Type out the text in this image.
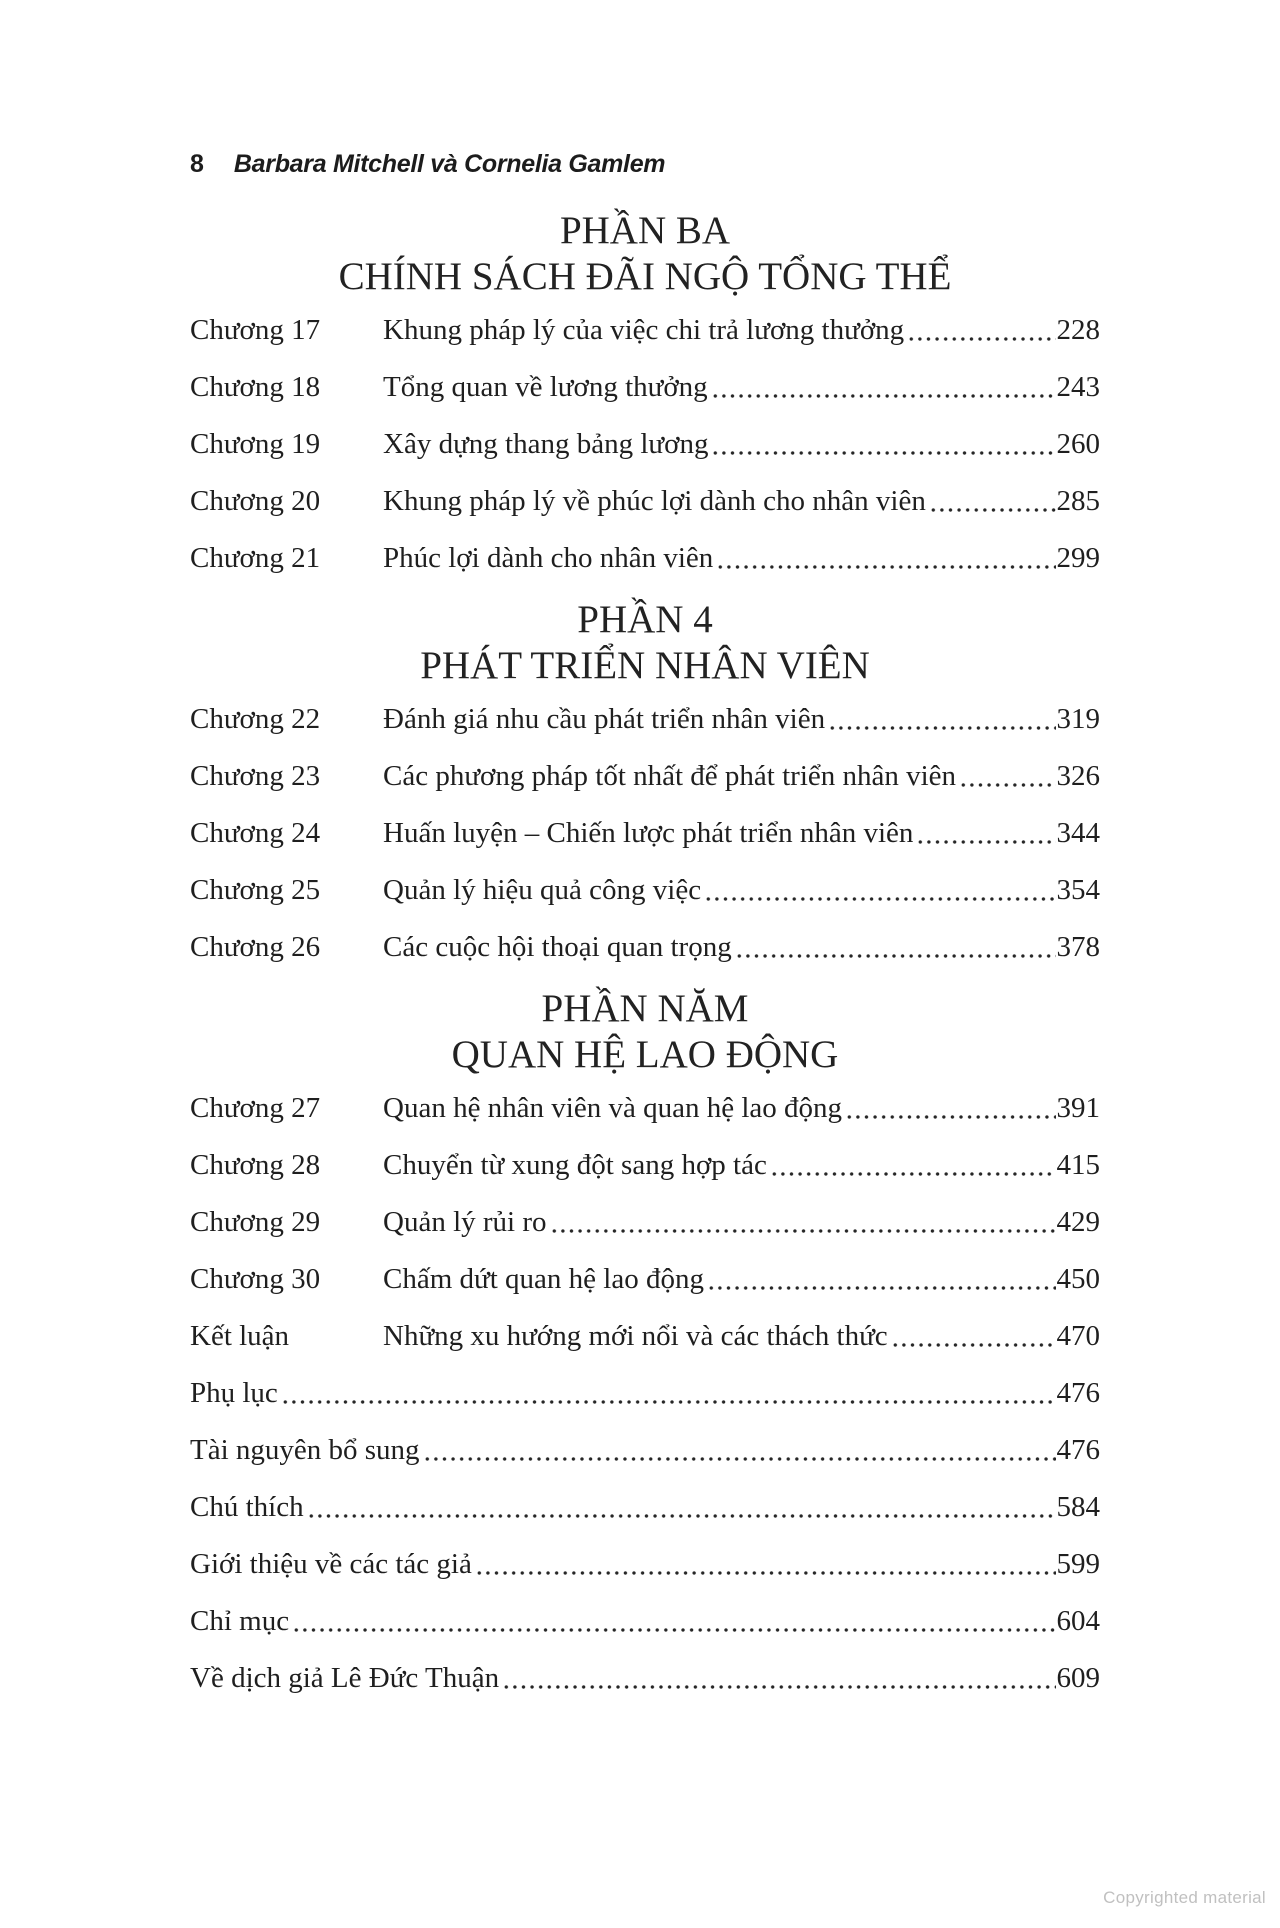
8 Barbara Mitchell và Cornelia Gamlem
PHẦN BA
CHÍNH SÁCH ĐÃI NGỘ TỔNG THỂ
Chương 17	Khung pháp lý của việc chi trả lương thưởng	228
Chương 18	Tổng quan về lương thưởng	243
Chương 19	Xây dựng thang bảng lương	260
Chương 20	Khung pháp lý về phúc lợi dành cho nhân viên	285
Chương 21	Phúc lợi dành cho nhân viên	299
PHẦN 4
PHÁT TRIỂN NHÂN VIÊN
Chương 22	Đánh giá nhu cầu phát triển nhân viên	319
Chương 23	Các phương pháp tốt nhất để phát triển nhân viên	326
Chương 24	Huấn luyện – Chiến lược phát triển nhân viên	344
Chương 25	Quản lý hiệu quả công việc	354
Chương 26	Các cuộc hội thoại quan trọng	378
PHẦN NĂM
QUAN HỆ LAO ĐỘNG
Chương 27	Quan hệ nhân viên và quan hệ lao động	391
Chương 28	Chuyển từ xung đột sang hợp tác	415
Chương 29	Quản lý rủi ro	429
Chương 30	Chấm dứt quan hệ lao động	450
Kết luận	Những xu hướng mới nổi và các thách thức	470
Phụ lục	476
Tài nguyên bổ sung	476
Chú thích	584
Giới thiệu về các tác giả	599
Chỉ mục	604
Về dịch giả Lê Đức Thuận	609
Copyrighted material
